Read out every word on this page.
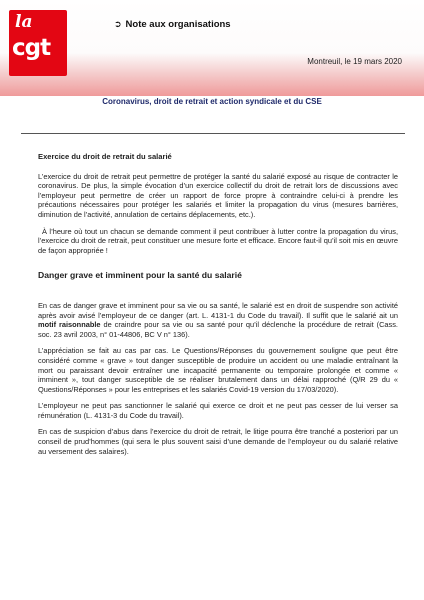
la
cgt
➲ Note aux organisations
Montreuil, le 19 mars 2020
Coronavirus, droit de retrait et action syndicale et du CSE
Exercice du droit de retrait du salarié

L’exercice du droit de retrait peut permettre de protéger la santé du salarié exposé au risque de contracter le coronavirus. De plus, la simple évocation d’un exercice collectif du droit de retrait lors de discussions avec l’employeur peut permettre de créer un rapport de force propre à contraindre celui-ci à prendre les précautions nécessaires pour protéger les salariés et limiter la propagation du virus (mesures barrières, diminution de l’activité, annulation de certains déplacements, etc.).

À l’heure où tout un chacun se demande comment il peut contribuer à lutter contre la propagation du virus, l’exercice du droit de retrait, peut constituer une mesure forte et efficace. Encore faut-il qu’il soit mis en œuvre de façon appropriée !

Danger grave et imminent pour la santé du salarié

En cas de danger grave et imminent pour sa vie ou sa santé, le salarié est en droit de suspendre son activité après avoir avisé l’employeur de ce danger (art. L. 4131-1 du Code du travail). Il suffit que le salarié ait un motif raisonnable de craindre pour sa vie ou sa santé pour qu’il déclenche la procédure de retrait (Cass. soc. 23 avril 2003, n° 01-44806, BC V n° 136).

L’appréciation se fait au cas par cas. Le Questions/Réponses du gouvernement souligne que peut être considéré comme « grave » tout danger susceptible de produire un accident ou une maladie entraînant la mort ou paraissant devoir entraîner une incapacité permanente ou temporaire prolongée et comme « imminent », tout danger susceptible de se réaliser brutalement dans un délai rapproché (Q/R 29 du « Questions/Réponses » pour les entreprises et les salariés Covid-19 version du 17/03/2020).

L’employeur ne peut pas sanctionner le salarié qui exerce ce droit et ne peut pas cesser de lui verser sa rémunération (L. 4131-3 du Code du travail).

En cas de suspicion d’abus dans l’exercice du droit de retrait, le litige pourra être tranché a posteriori par un conseil de prud’hommes (qui sera le plus souvent saisi d’une demande de l’employeur ou du salarié relative au versement des salaires).
